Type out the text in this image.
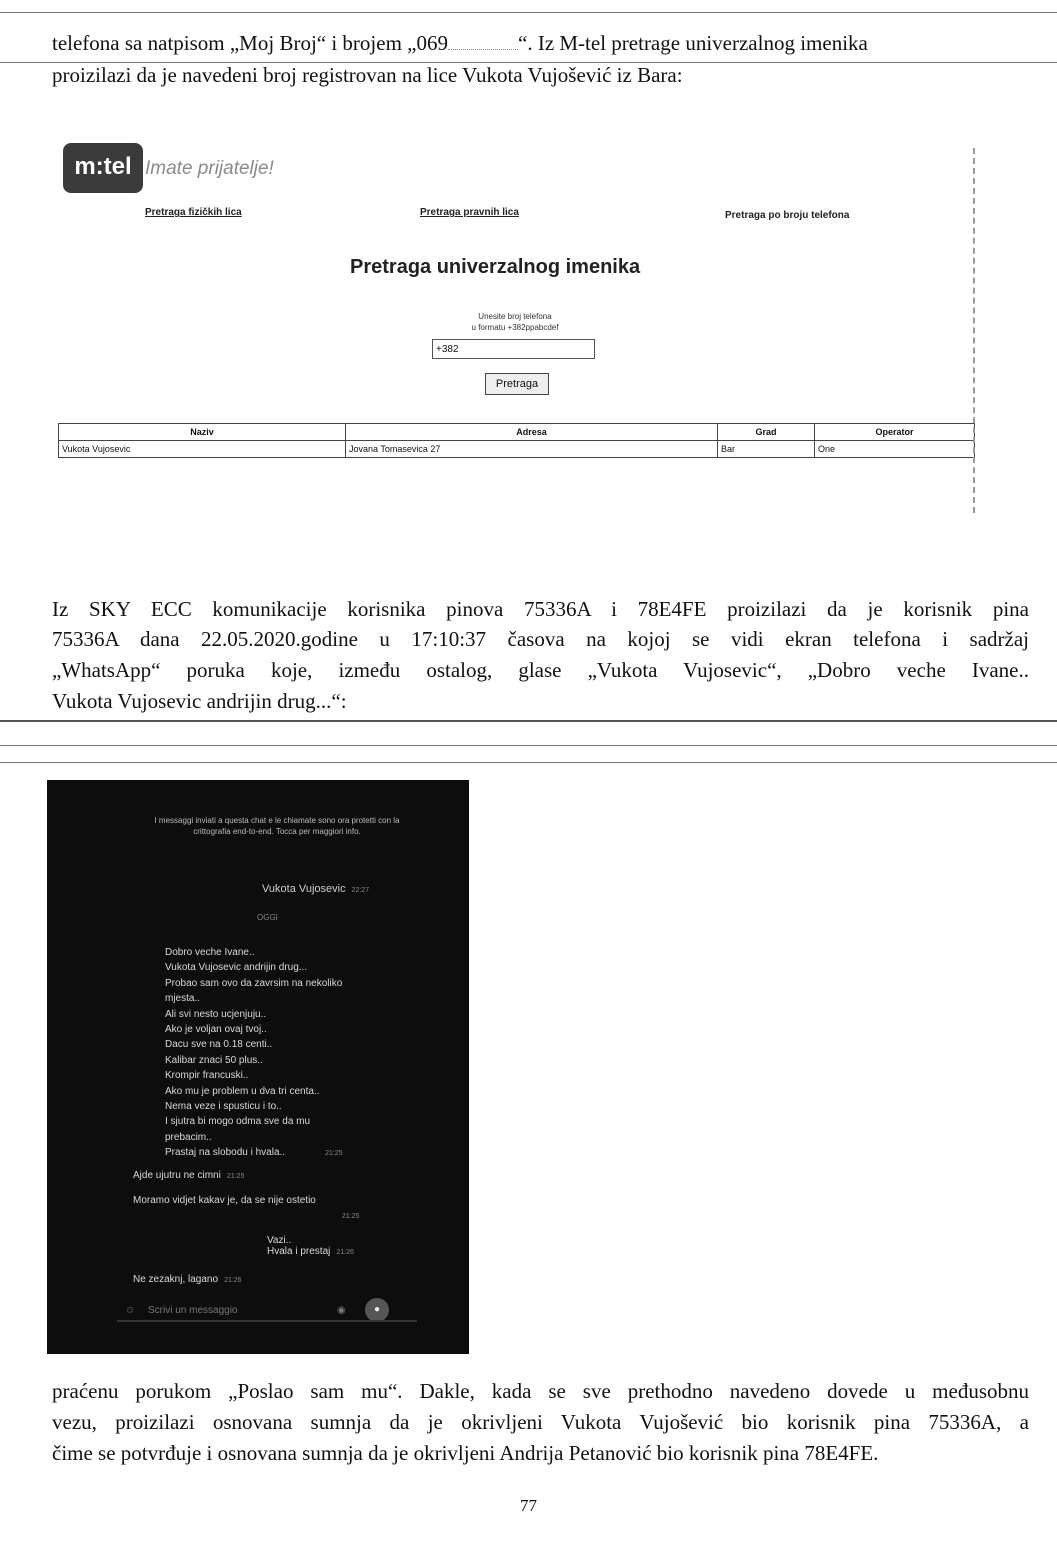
telefona sa natpisom „Moj Broj“ i brojem „069	“. Iz M-tel pretrage univerzalnog imenika
proizilazi da je navedeni broj registrovan na lice Vukota Vujošević iz Bara:
m:tel Imate prijatelje!
Pretraga fizičkih lica	Pretraga pravnih lica	Pretraga po broju telefona
Pretraga univerzalnog imenika
Unesite broj telefona
u formatu +382ppabcdef
+382
Pretraga
Naziv	Adresa	Grad	Operator
Vukota Vujosevic	Jovana Tomasevica 27	Bar	One
Iz SKY ECC komunikacije korisnika pinova 75336A i 78E4FE proizilazi da je korisnik pina
75336A dana 22.05.2020.godine u 17:10:37 časova na kojoj se vidi ekran telefona i sadržaj
„WhatsApp“ poruka koje, između ostalog, glase „Vukota Vujosevic“, „Dobro veche Ivane..
Vukota Vujosevic andrijin drug...“:
I messaggi inviati a questa chat e le chiamate sono ora protetti con la crittografia end-to-end. Tocca per maggiori info.
Vukota Vujosevic 22:27
OGGI
Dobro veche Ivane..
Vukota Vujosevic andrijin drug...
Probao sam ovo da zavrsim na nekoliko
mjesta..
Ali svi nesto ucjenjuju..
Ako je voljan ovaj tvoj..
Dacu sve na 0.18 centi..
Kalibar znaci 50 plus..
Krompir francuski..
Ako mu je problem u dva tri centa..
Nema veze i spusticu i to..
I sjutra bi mogo odma sve da mu
prebacim..
Prastaj na slobodu i hvala..	21:25
Ajde ujutru ne cimni 21:25
Moramo vidjet kakav je, da se nije ostetio
21:25
Vazi..
Hvala i prestaj 21:26
Ne zezaknj, lagano 21:26
☺ Scrivi un messaggio	◉	●
praćenu porukom „Poslao sam mu“. Dakle, kada se sve prethodno navedeno dovede u međusobnu
vezu, proizilazi osnovana sumnja da je okrivljeni Vukota Vujošević bio korisnik pina 75336A, a
čime se potvrđuje i osnovana sumnja da je okrivljeni Andrija Petanović bio korisnik pina 78E4FE.
77
